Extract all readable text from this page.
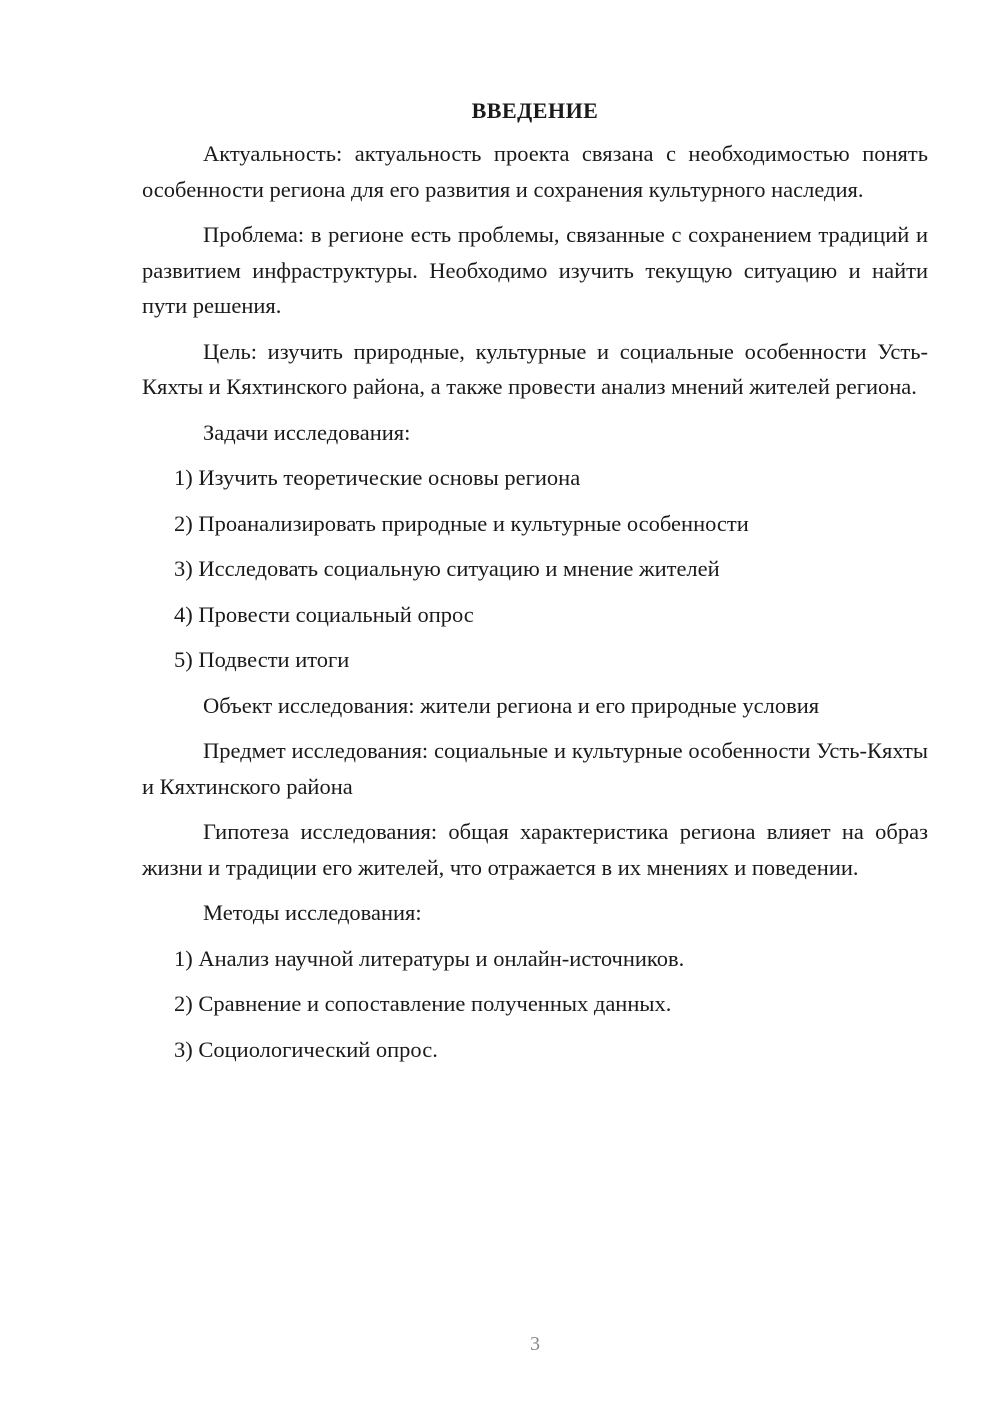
ВВЕДЕНИЕ

Актуальность: актуальность проекта связана с необходимостью понять особенности региона для его развития и сохранения культурного наследия.

Проблема: в регионе есть проблемы, связанные с сохранением традиций и развитием инфраструктуры. Необходимо изучить текущую ситуацию и найти пути решения.

Цель: изучить природные, культурные и социальные особенности Усть-Кяхты и Кяхтинского района, а также провести анализ мнений жителей региона.

Задачи исследования:

1) Изучить теоретические основы региона

2) Проанализировать природные и культурные особенности

3) Исследовать социальную ситуацию и мнение жителей

4) Провести социальный опрос

5) Подвести итоги

Объект исследования: жители региона и его природные условия

Предмет исследования: социальные и культурные особенности Усть-Кяхты и Кяхтинского района

Гипотеза исследования: общая характеристика региона влияет на образ жизни и традиции его жителей, что отражается в их мнениях и поведении.

Методы исследования:

1) Анализ научной литературы и онлайн-источников.

2) Сравнение и сопоставление полученных данных.

3) Социологический опрос.

3
